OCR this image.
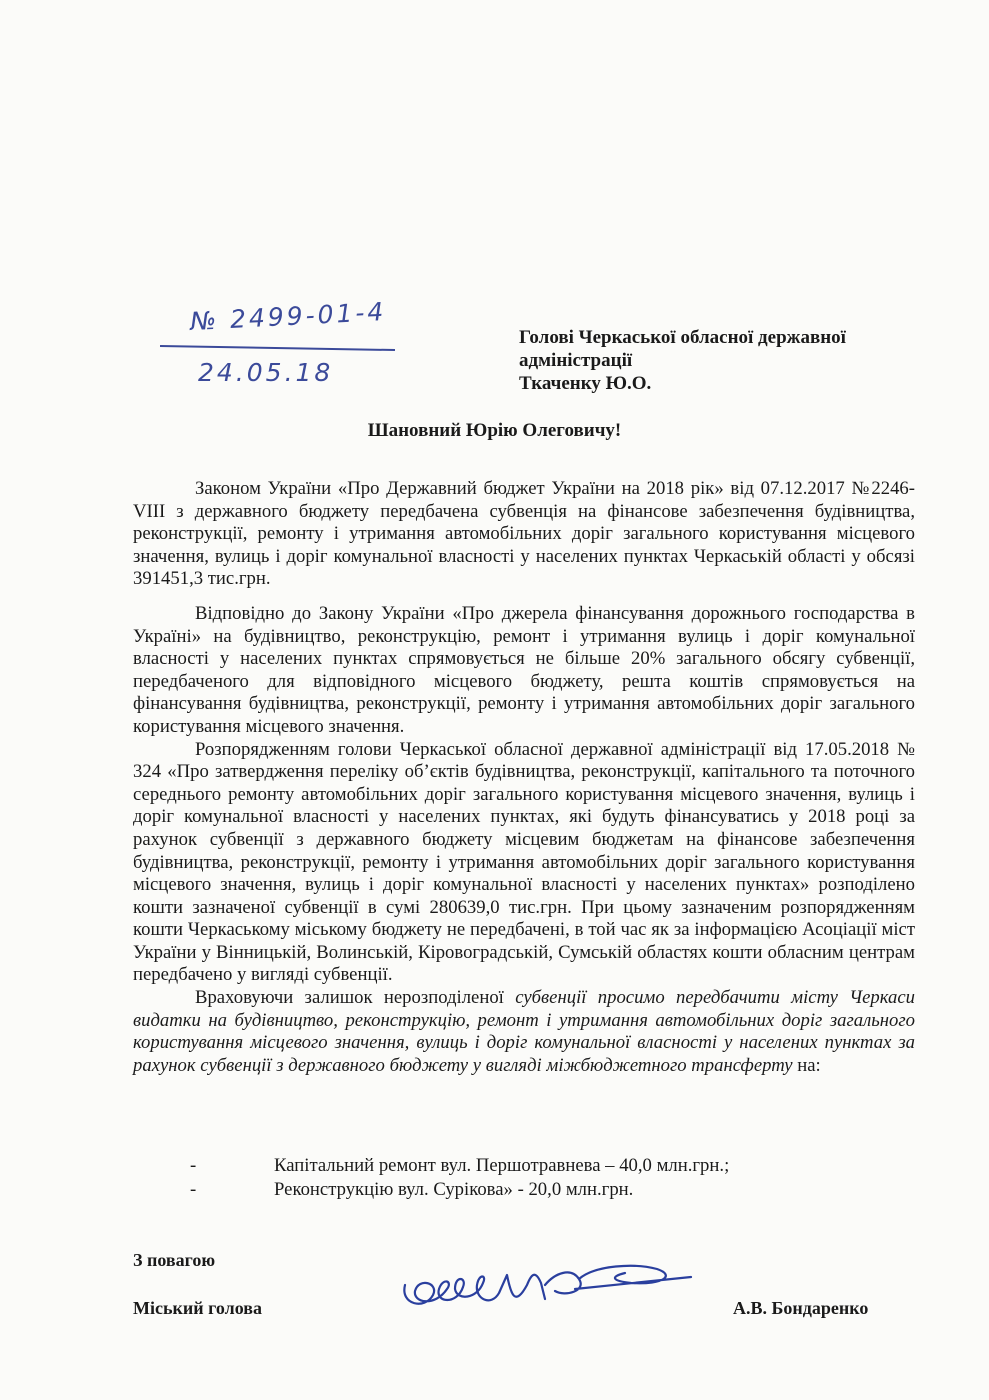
№ 2499-01-4
24.05.18
Голові Черкаської обласної державної
адміністрації
Ткаченку Ю.О.
Шановний Юрію Олеговичу!

Законом України «Про Державний бюджет України на 2018 рік» від 07.12.2017 №2246- VIII з державного бюджету передбачена субвенція на фінансове забезпечення будівництва, реконструкції, ремонту і утримання автомобільних доріг загального користування місцевого значення, вулиць і доріг комунальної власності у населених пунктах Черкаській області у обсязі 391451,3 тис.грн.

Відповідно до Закону України «Про джерела фінансування дорожнього господарства в Україні» на будівництво, реконструкцію, ремонт і утримання вулиць і доріг комунальної власності у населених пунктах спрямовується не більше 20% загального обсягу субвенції, передбаченого для відповідного місцевого бюджету, решта коштів спрямовується на фінансування будівництва, реконструкції, ремонту і утримання автомобільних доріг загального користування місцевого значення.

Розпорядженням голови Черкаської обласної державної адміністрації від 17.05.2018 № 324 «Про затвердження переліку об’єктів будівництва, реконструкції, капітального та поточного середнього ремонту автомобільних доріг загального користування місцевого значення, вулиць і доріг комунальної власності у населених пунктах, які будуть фінансуватись у 2018 році за рахунок субвенції з державного бюджету місцевим бюджетам на фінансове забезпечення будівництва, реконструкції, ремонту і утримання автомобільних доріг загального користування місцевого значення, вулиць і доріг комунальної власності у населених пунктах» розподілено кошти зазначеної субвенції в сумі 280639,0 тис.грн. При цьому зазначеним розпорядженням кошти Черкаському міському бюджету не передбачені, в той час як за інформацією Асоціації міст України у Вінницькій, Волинській, Кіровоградській, Сумській областях кошти обласним центрам передбачено у вигляді субвенції.

Враховуючи залишок нерозподіленої субвенції просимо передбачити місту Черкаси видатки на будівництво, реконструкцію, ремонт і утримання автомобільних доріг загального користування місцевого значення, вулиць і доріг комунальної власності у населених пунктах за рахунок субвенції з державного бюджету у вигляді міжбюджетного трансферту на:

-	Капітальний ремонт вул. Першотравнева – 40,0 млн.грн.;
-	Реконструкцію вул. Сурікова» - 20,0 млн.грн.
З повагою
Міський голова	А.В. Бондаренко
